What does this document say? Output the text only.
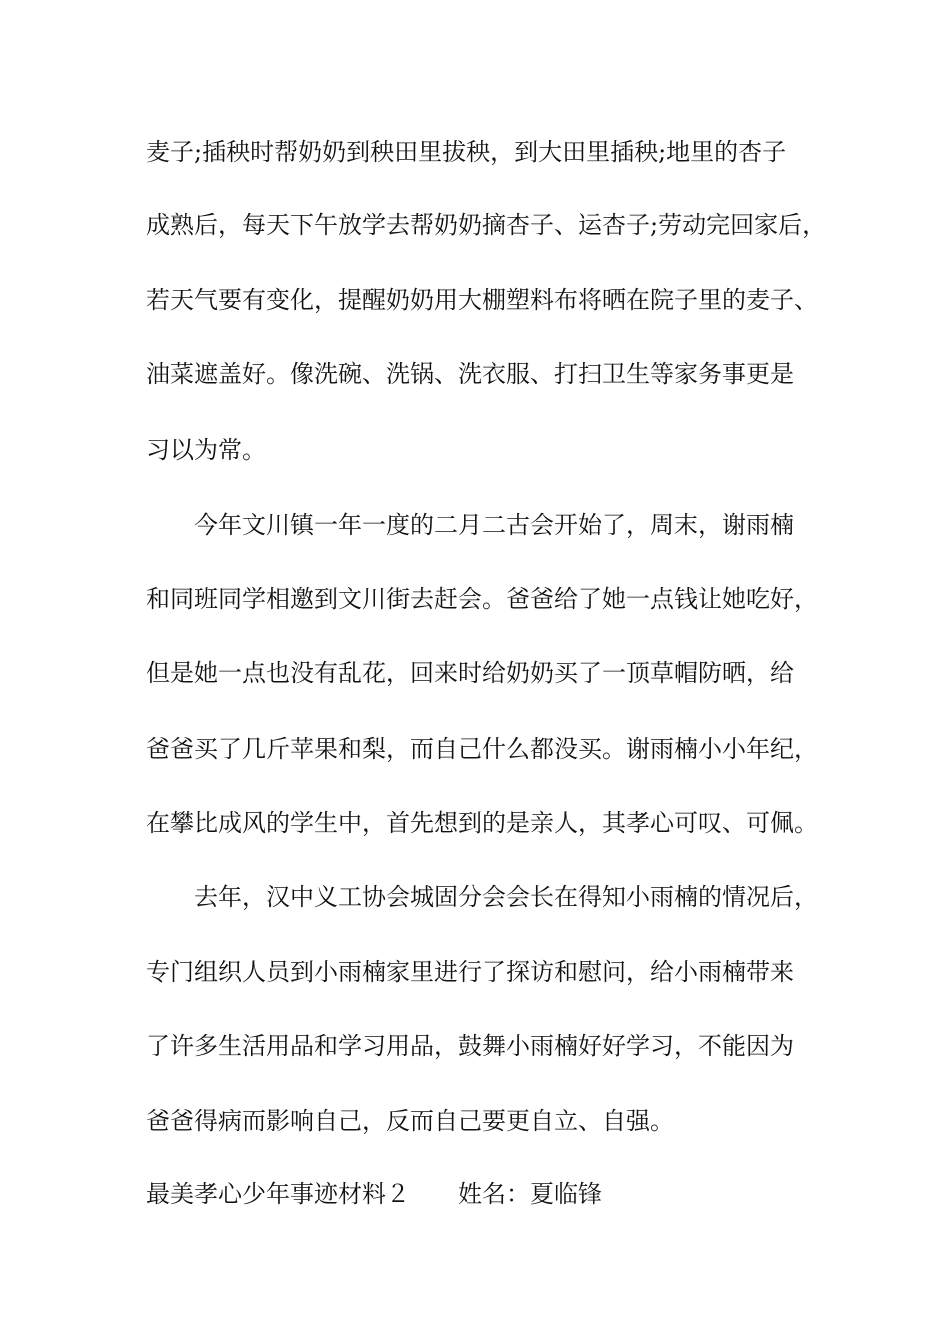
麦子;插秧时帮奶奶到秧田里拔秧，到大田里插秧;地里的杏子
成熟后，每天下午放学去帮奶奶摘杏子、运杏子;劳动完回家后，
若天气要有变化，提醒奶奶用大棚塑料布将晒在院子里的麦子、
油菜遮盖好。像洗碗、洗锅、洗衣服、打扫卫生等家务事更是
习以为常。
今年文川镇一年一度的二月二古会开始了，周末，谢雨楠
和同班同学相邀到文川街去赶会。爸爸给了她一点钱让她吃好，
但是她一点也没有乱花，回来时给奶奶买了一顶草帽防晒，给
爸爸买了几斤苹果和梨，而自己什么都没买。谢雨楠小小年纪，
在攀比成风的学生中，首先想到的是亲人，其孝心可叹、可佩。
去年，汉中义工协会城固分会会长在得知小雨楠的情况后，
专门组织人员到小雨楠家里进行了探访和慰问，给小雨楠带来
了许多生活用品和学习用品，鼓舞小雨楠好好学习，不能因为
爸爸得病而影响自己，反而自己要更自立、自强。
最美孝心少年事迹材料２ 姓名：夏临锋
